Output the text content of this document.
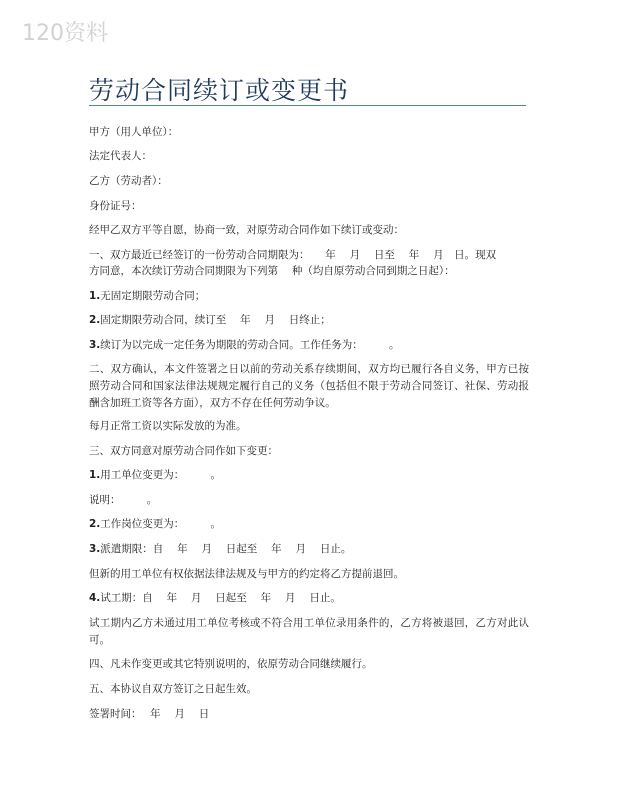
120资料
劳动合同续订或变更书

甲方（用人单位）：

法定代表人：

乙方（劳动者）：

身份证号：

经甲乙双方平等自愿，协商一致，对原劳动合同作如下续订或变动：

一、双方最近已经签订的一份劳动合同期限为：　　年　 月　 日至　 年　 月　日。现双

方同意，本次续订劳动合同期限为下列第　 种（均自原劳动合同到期之日起）：

1.无固定期限劳动合同；

2.固定期限劳动合同，续订至　 年　 月　 日终止；

3.续订为以完成一定任务为期限的劳动合同。工作任务为：　　　。

二、双方确认，本文件签署之日以前的劳动关系存续期间，双方均已履行各自义务，甲方已按照劳动合同和国家法律法规规定履行自己的义务（包括但不限于劳动合同签订、社保、劳动报酬含加班工资等各方面），双方不存在任何劳动争议。

每月正常工资以实际发放的为准。

三、双方同意对原劳动合同作如下变更：

1.用工单位变更为：　　　。

说明：　　　。

2.工作岗位变更为：　　　。

3.派遣期限：自　 年　 月　 日起至　 年　 月　 日止。

但新的用工单位有权依据法律法规及与甲方的约定将乙方提前退回。

4.试工期：自　 年　 月　 日起至　 年　 月　 日止。

试工期内乙方未通过用工单位考核或不符合用工单位录用条件的，乙方将被退回，乙方对此认可。

四、凡未作变更或其它特别说明的，依原劳动合同继续履行。

五、本协议自双方签订之日起生效。

签署时间：　 年　 月　 日
